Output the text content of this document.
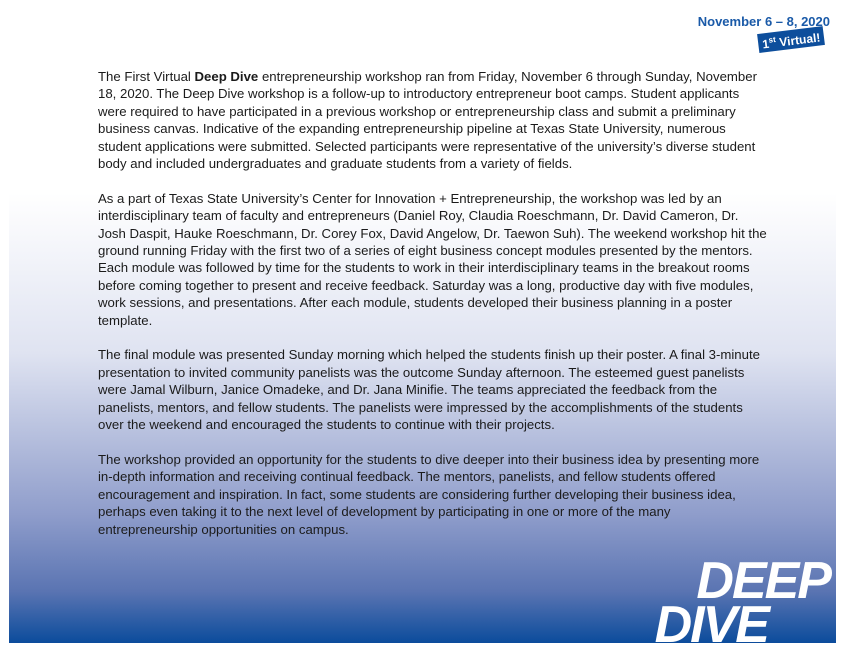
November 6 – 8, 2020
1st Virtual!

The First Virtual Deep Dive entrepreneurship workshop ran from Friday, November 6 through Sunday, November 18, 2020. The Deep Dive workshop is a follow-up to introductory entrepreneur boot camps. Student applicants were required to have participated in a previous workshop or entrepreneurship class and submit a preliminary business canvas. Indicative of the expanding entrepreneurship pipeline at Texas State University, numerous student applications were submitted. Selected participants were representative of the university’s diverse student body and included undergraduates and graduate students from a variety of fields.

As a part of Texas State University’s Center for Innovation + Entrepreneurship, the workshop was led by an interdisciplinary team of faculty and entrepreneurs (Daniel Roy, Claudia Roeschmann, Dr. David Cameron, Dr. Josh Daspit, Hauke Roeschmann, Dr. Corey Fox, David Angelow, Dr. Taewon Suh). The weekend workshop hit the ground running Friday with the first two of a series of eight business concept modules presented by the mentors. Each module was followed by time for the students to work in their interdisciplinary teams in the breakout rooms before coming together to present and receive feedback. Saturday was a long, productive day with five modules, work sessions, and presentations. After each module, students developed their business planning in a poster template.

The final module was presented Sunday morning which helped the students finish up their poster. A final 3-minute presentation to invited community panelists was the outcome Sunday afternoon. The esteemed guest panelists were Jamal Wilburn, Janice Omadeke, and Dr. Jana Minifie. The teams appreciated the feedback from the panelists, mentors, and fellow students. The panelists were impressed by the accomplishments of the students over the weekend and encouraged the students to continue with their projects.

The workshop provided an opportunity for the students to dive deeper into their business idea by presenting more in-depth information and receiving continual feedback. The mentors, panelists, and fellow students offered encouragement and inspiration. In fact, some students are considering further developing their business idea, perhaps even taking it to the next level of development by participating in one or more of the many entrepreneurship opportunities on campus.

DEEP
DIVE
